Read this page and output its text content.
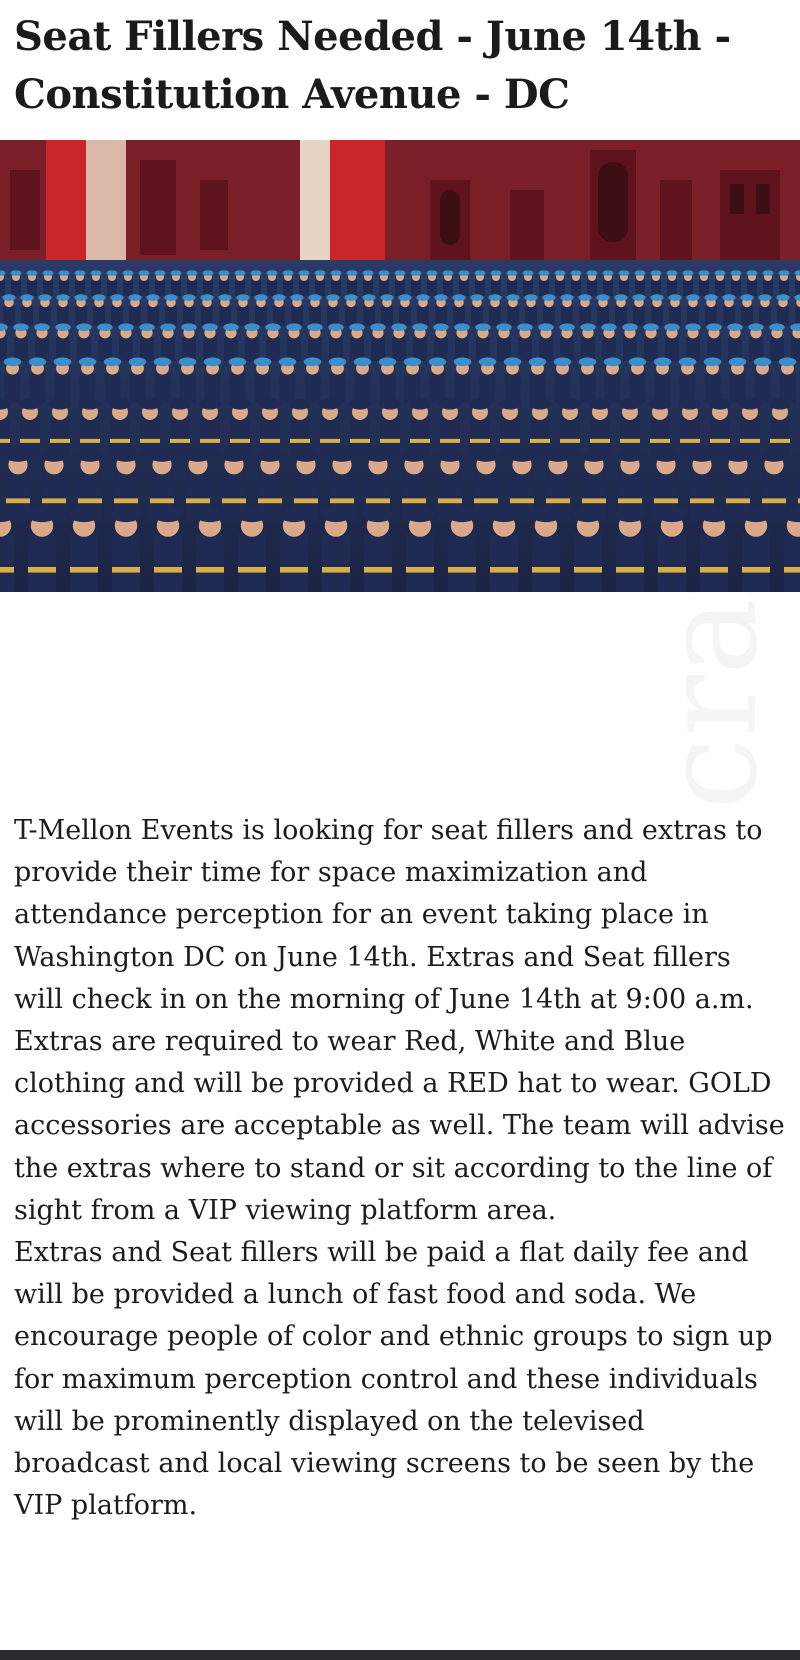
Seat Fillers Needed - June 14th - Constitution Avenue - DC

T-Mellon Events is looking for seat fillers and extras to provide their time for space maximization and attendance perception for an event taking place in Washington DC on June 14th. Extras and Seat fillers will check in on the morning of June 14th at 9:00 a.m.

Extras are required to wear Red, White and Blue clothing and will be provided a RED hat to wear. GOLD accessories are acceptable as well. The team will advise the extras where to stand or sit according to the line of sight from a VIP viewing platform area.

Extras and Seat fillers will be paid a flat daily fee and will be provided a lunch of fast food and soda. We encourage people of color and ethnic groups to sign up for maximum perception control and these individuals will be prominently displayed on the televised broadcast and local viewing screens to be seen by the VIP platform.
